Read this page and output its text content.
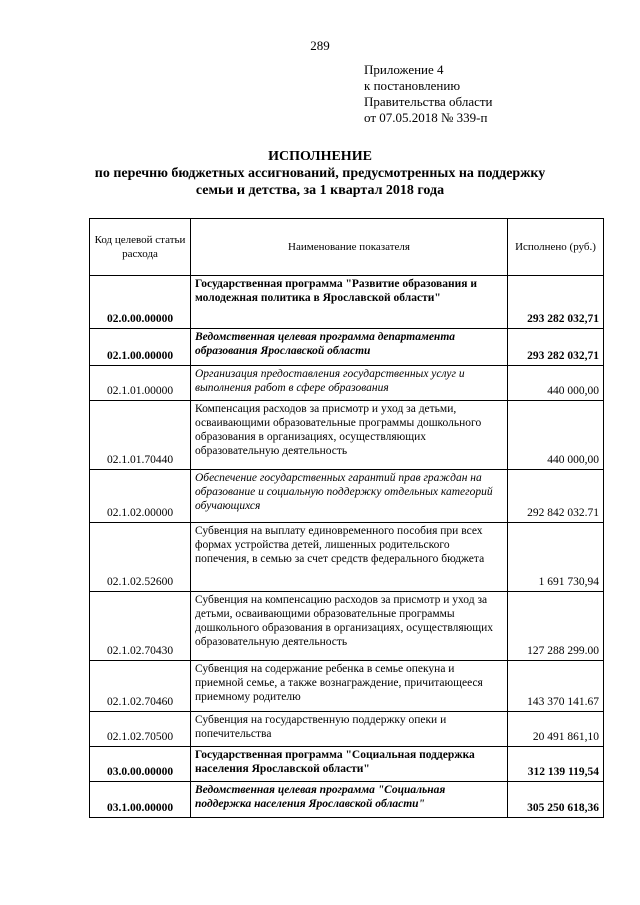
289
Приложение 4
к постановлению
Правительства области
от 07.05.2018 № 339-п
ИСПОЛНЕНИЕ
по перечню бюджетных ассигнований, предусмотренных на поддержку
семьи и детства, за 1 квартал 2018 года
Код целевой статьи расхода	Наименование показателя	Исполнено (руб.)
02.0.00.00000	Государственная программа "Развитие образования и молодежная политика в Ярославской области"	293 282 032,71
02.1.00.00000	Ведомственная целевая программа департамента образования Ярославской области	293 282 032,71
02.1.01.00000	Организация предоставления государственных услуг и выполнения работ в сфере образования	440 000,00
02.1.01.70440	Компенсация расходов за присмотр и уход за детьми, осваивающими образовательные программы дошкольного образования в организациях, осуществляющих образовательную деятельность	440 000,00
02.1.02.00000	Обеспечение государственных гарантий прав граждан на образование и социальную поддержку отдельных категорий обучающихся	292 842 032.71
02.1.02.52600	Субвенция на выплату единовременного пособия при всех формах устройства детей, лишенных родительского попечения, в семью за счет средств федерального бюджета	1 691 730,94
02.1.02.70430	Субвенция на компенсацию расходов за присмотр и уход за детьми, осваивающими образовательные программы дошкольного образования в организациях, осуществляющих образовательную деятельность	127 288 299.00
02.1.02.70460	Субвенция на содержание ребенка в семье опекуна и приемной семье, а также вознаграждение, причитающееся приемному родителю	143 370 141.67
02.1.02.70500	Субвенция на государственную поддержку опеки и попечительства	20 491 861,10
03.0.00.00000	Государственная программа "Социальная поддержка населения Ярославской области"	312 139 119,54
03.1.00.00000	Ведомственная целевая программа "Социальная поддержка населения Ярославской области"	305 250 618,36
